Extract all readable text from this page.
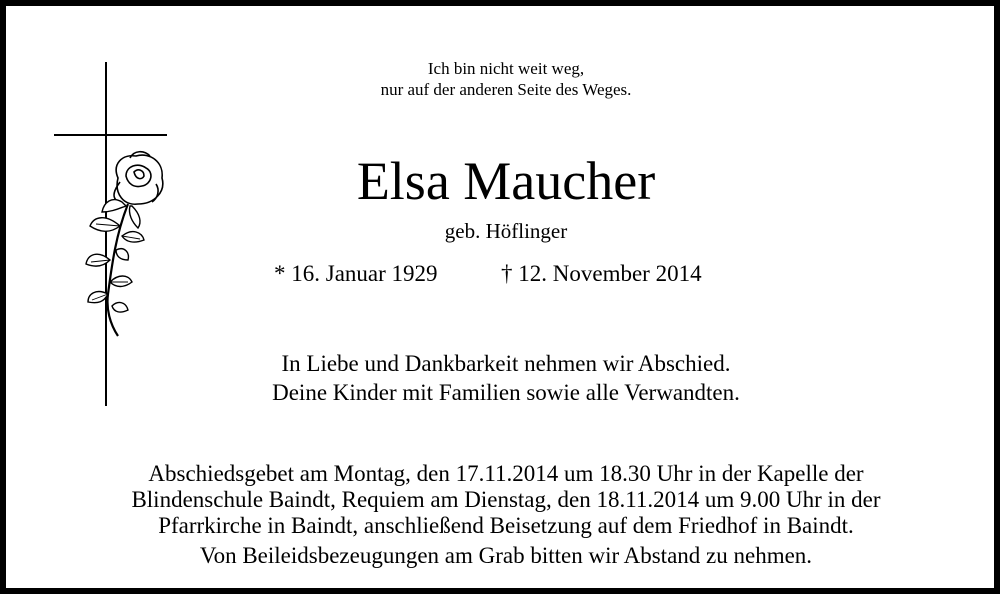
Ich bin nicht weit weg,

nur auf der anderen Seite des Weges.

Elsa Maucher
geb. Höflinger
* 16. Januar 1929	† 12. November 2014

In Liebe und Dankbarkeit nehmen wir Abschied.

Deine Kinder mit Familien sowie alle Verwandten.

Abschiedsgebet am Montag, den 17.11.2014 um 18.30 Uhr in der Kapelle der

Blindenschule Baindt, Requiem am Dienstag, den 18.11.2014 um 9.00 Uhr in der

Pfarrkirche in Baindt, anschließend Beisetzung auf dem Friedhof in Baindt.

Von Beileidsbezeugungen am Grab bitten wir Abstand zu nehmen.
